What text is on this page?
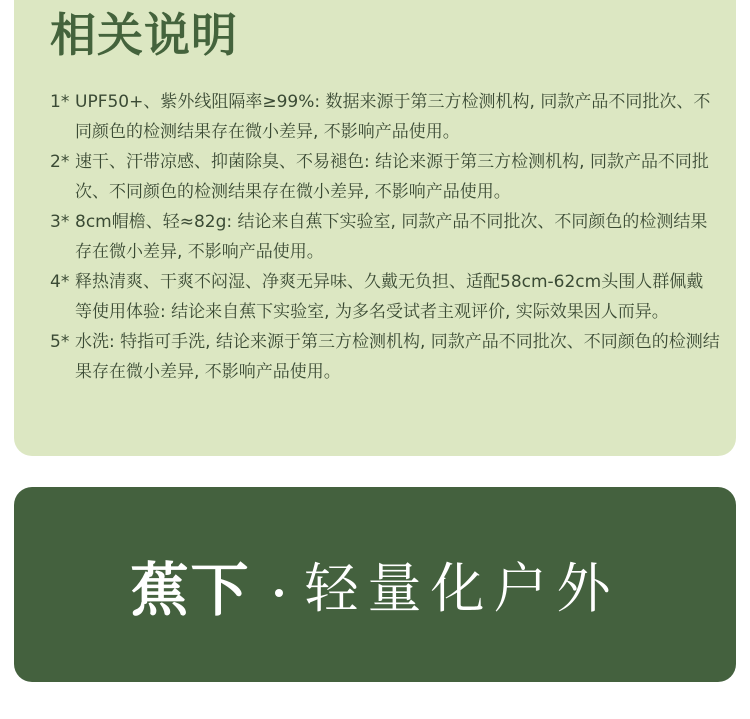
相关说明
1* UPF50+、紫外线阻隔率≥99%: 数据来源于第三方检测机构, 同款产品不同批次、不同颜色的检测结果存在微小差异, 不影响产品使用。
2* 速干、汗带凉感、抑菌除臭、不易褪色: 结论来源于第三方检测机构, 同款产品不同批次、不同颜色的检测结果存在微小差异, 不影响产品使用。
3* 8cm帽檐、轻≈82g: 结论来自蕉下实验室, 同款产品不同批次、不同颜色的检测结果存在微小差异, 不影响产品使用。
4* 释热清爽、干爽不闷湿、净爽无异味、久戴无负担、适配58cm-62cm头围人群佩戴等使用体验: 结论来自蕉下实验室, 为多名受试者主观评价, 实际效果因人而异。
5* 水洗: 特指可手洗, 结论来源于第三方检测机构, 同款产品不同批次、不同颜色的检测结果存在微小差异, 不影响产品使用。
蕉下 轻量化户外
